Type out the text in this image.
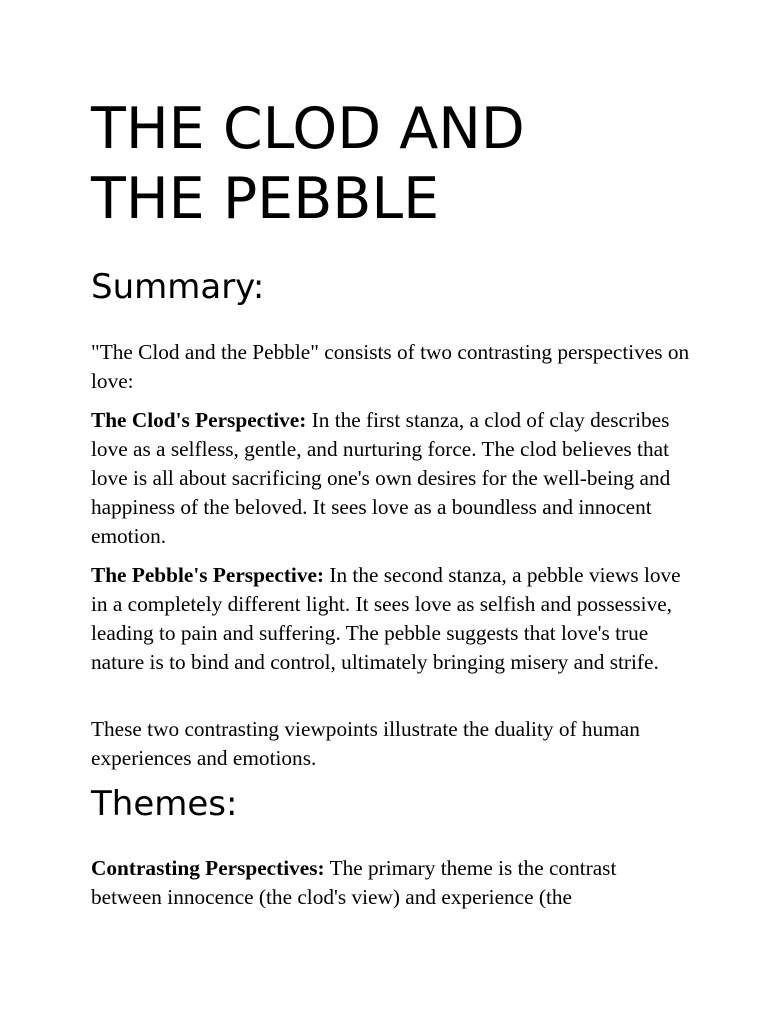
THE CLOD AND
THE PEBBLE
Summary:

"The Clod and the Pebble" consists of two contrasting perspectives on love:

The Clod's Perspective: In the first stanza, a clod of clay describes love as a selfless, gentle, and nurturing force. The clod believes that love is all about sacrificing one's own desires for the well-being and happiness of the beloved. It sees love as a boundless and innocent emotion.

The Pebble's Perspective: In the second stanza, a pebble views love in a completely different light. It sees love as selfish and possessive, leading to pain and suffering. The pebble suggests that love's true nature is to bind and control, ultimately bringing misery and strife.

These two contrasting viewpoints illustrate the duality of human experiences and emotions.

Themes:

Contrasting Perspectives: The primary theme is the contrast between innocence (the clod's view) and experience (the
